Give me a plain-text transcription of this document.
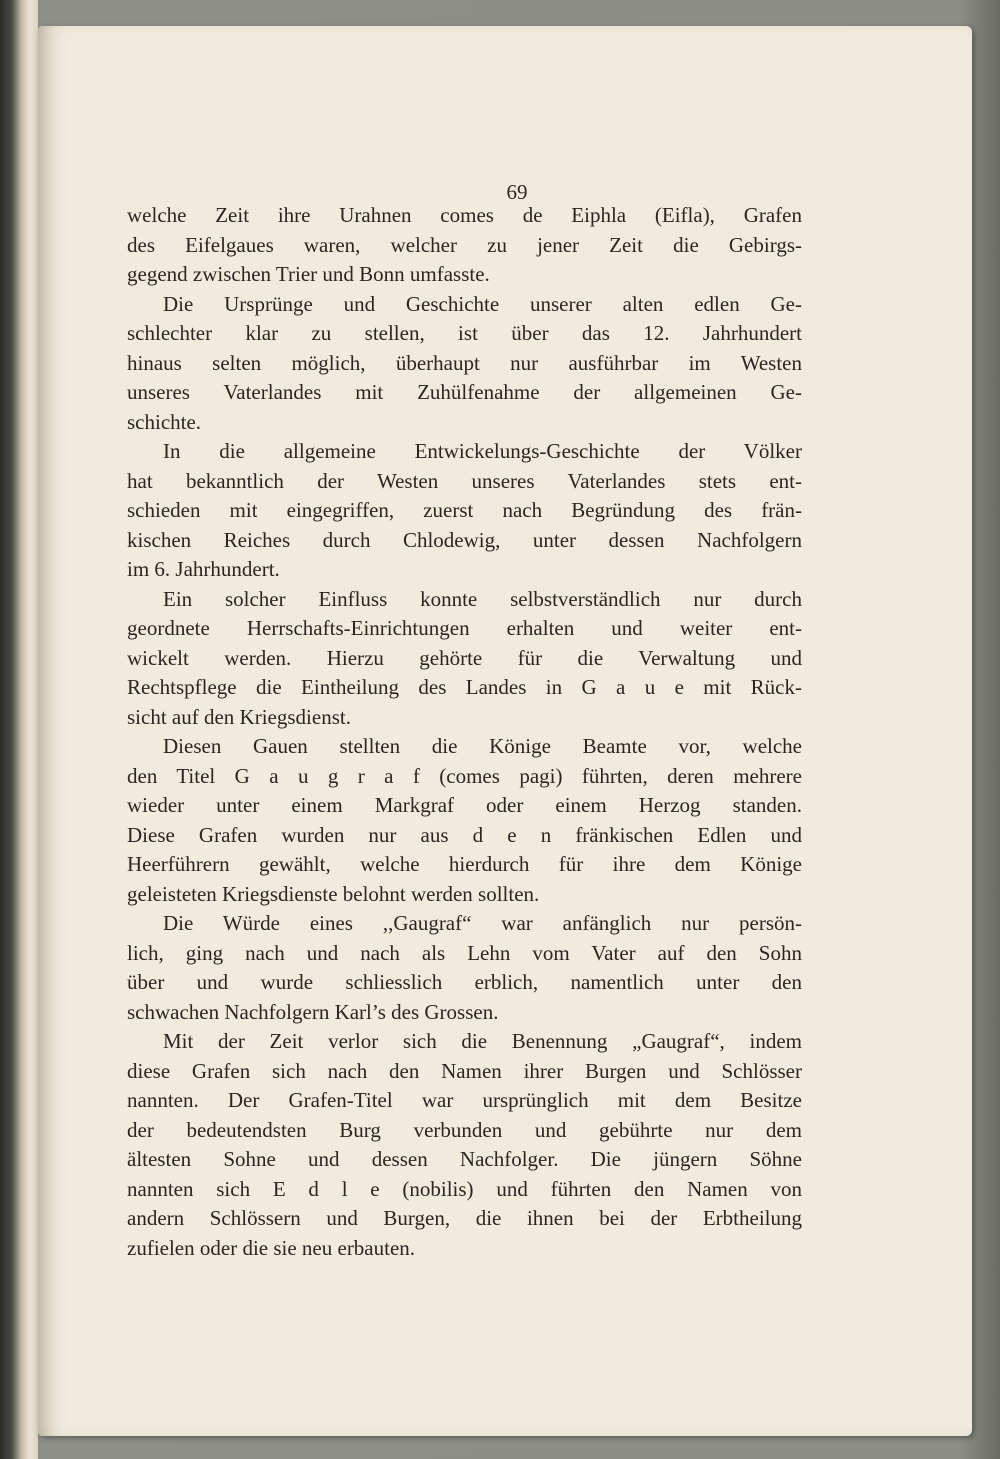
69
welche Zeit ihre Urahnen comes de Eiphla (Eifla), Grafen
des Eifelgaues waren, welcher zu jener Zeit die Gebirgs-
gegend zwischen Trier und Bonn umfasste.
Die Ursprünge und Geschichte unserer alten edlen Ge-
schlechter klar zu stellen, ist über das 12. Jahrhundert
hinaus selten möglich, überhaupt nur ausführbar im Westen
unseres Vaterlandes mit Zuhülfenahme der allgemeinen Ge-
schichte.
In die allgemeine Entwickelungs-Geschichte der Völker
hat bekanntlich der Westen unseres Vaterlandes stets ent-
schieden mit eingegriffen, zuerst nach Begründung des frän-
kischen Reiches durch Chlodewig, unter dessen Nachfolgern
im 6. Jahrhundert.
Ein solcher Einfluss konnte selbstverständlich nur durch
geordnete Herrschafts-Einrichtungen erhalten und weiter ent-
wickelt werden. Hierzu gehörte für die Verwaltung und
Rechtspflege die Eintheilung des Landes in G a u e mit Rück-
sicht auf den Kriegsdienst.
Diesen Gauen stellten die Könige Beamte vor, welche
den Titel G a u g r a f (comes pagi) führten, deren mehrere
wieder unter einem Markgraf oder einem Herzog standen.
Diese Grafen wurden nur aus d e n fränkischen Edlen und
Heerführern gewählt, welche hierdurch für ihre dem Könige
geleisteten Kriegsdienste belohnt werden sollten.
Die Würde eines ,,Gaugraf“ war anfänglich nur persön-
lich, ging nach und nach als Lehn vom Vater auf den Sohn
über und wurde schliesslich erblich, namentlich unter den
schwachen Nachfolgern Karl’s des Grossen.
Mit der Zeit verlor sich die Benennung „Gaugraf“, indem
diese Grafen sich nach den Namen ihrer Burgen und Schlösser
nannten. Der Grafen-Titel war ursprünglich mit dem Besitze
der bedeutendsten Burg verbunden und gebührte nur dem
ältesten Sohne und dessen Nachfolger. Die jüngern Söhne
nannten sich E d l e (nobilis) und führten den Namen von
andern Schlössern und Burgen, die ihnen bei der Erbtheilung
zufielen oder die sie neu erbauten.
